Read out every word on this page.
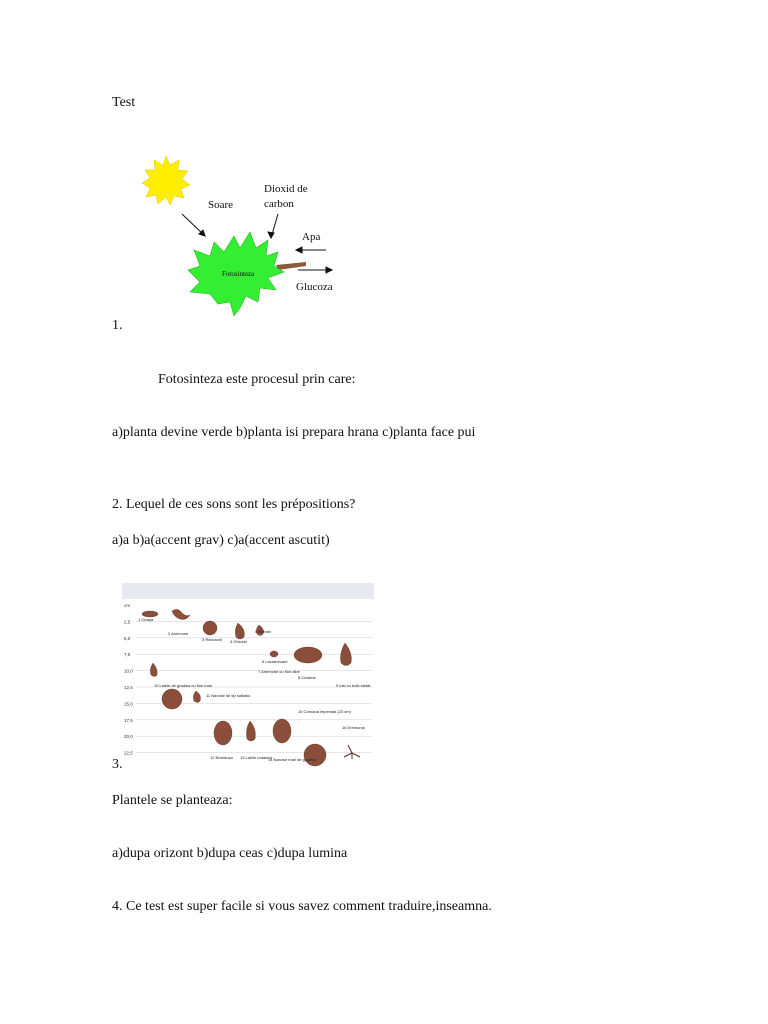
Test
Soare
Dioxid de
carbon
Apa
Glucoza
Fotosinteza
1.
Fotosinteza este procesul prin care:
a)planta devine verde b)planta isi prepara hrana c)planta face pui
2. Lequel de ces sons sont les prépositions?
a)a b)a(accent grav) c)a(accent ascutit)
cm
2,5
5,0
7,5
10,0
12,5
15,0
17,5
20,0
22,5
1 Ceapa
2 Anemone
3 Ranunchi 4 Ghiocei
5 Sofrani
6 Lacramioare
7 Anemone cu flori albe
8 Ciclame
9 Irisi cu bulb stelat
10 Lalele de gradina cu flori mari
11 Narcise de tip salbatic
12 Brandusa 13 Lalele botanice
14 Narcise mari de gradina
15 Coroana imperiala (23 cm)
16 Eremurus
3.
Plantele se planteaza:
a)dupa orizont b)dupa ceas c)dupa lumina
4. Ce test est super facile si vous savez comment traduire,inseamna.
